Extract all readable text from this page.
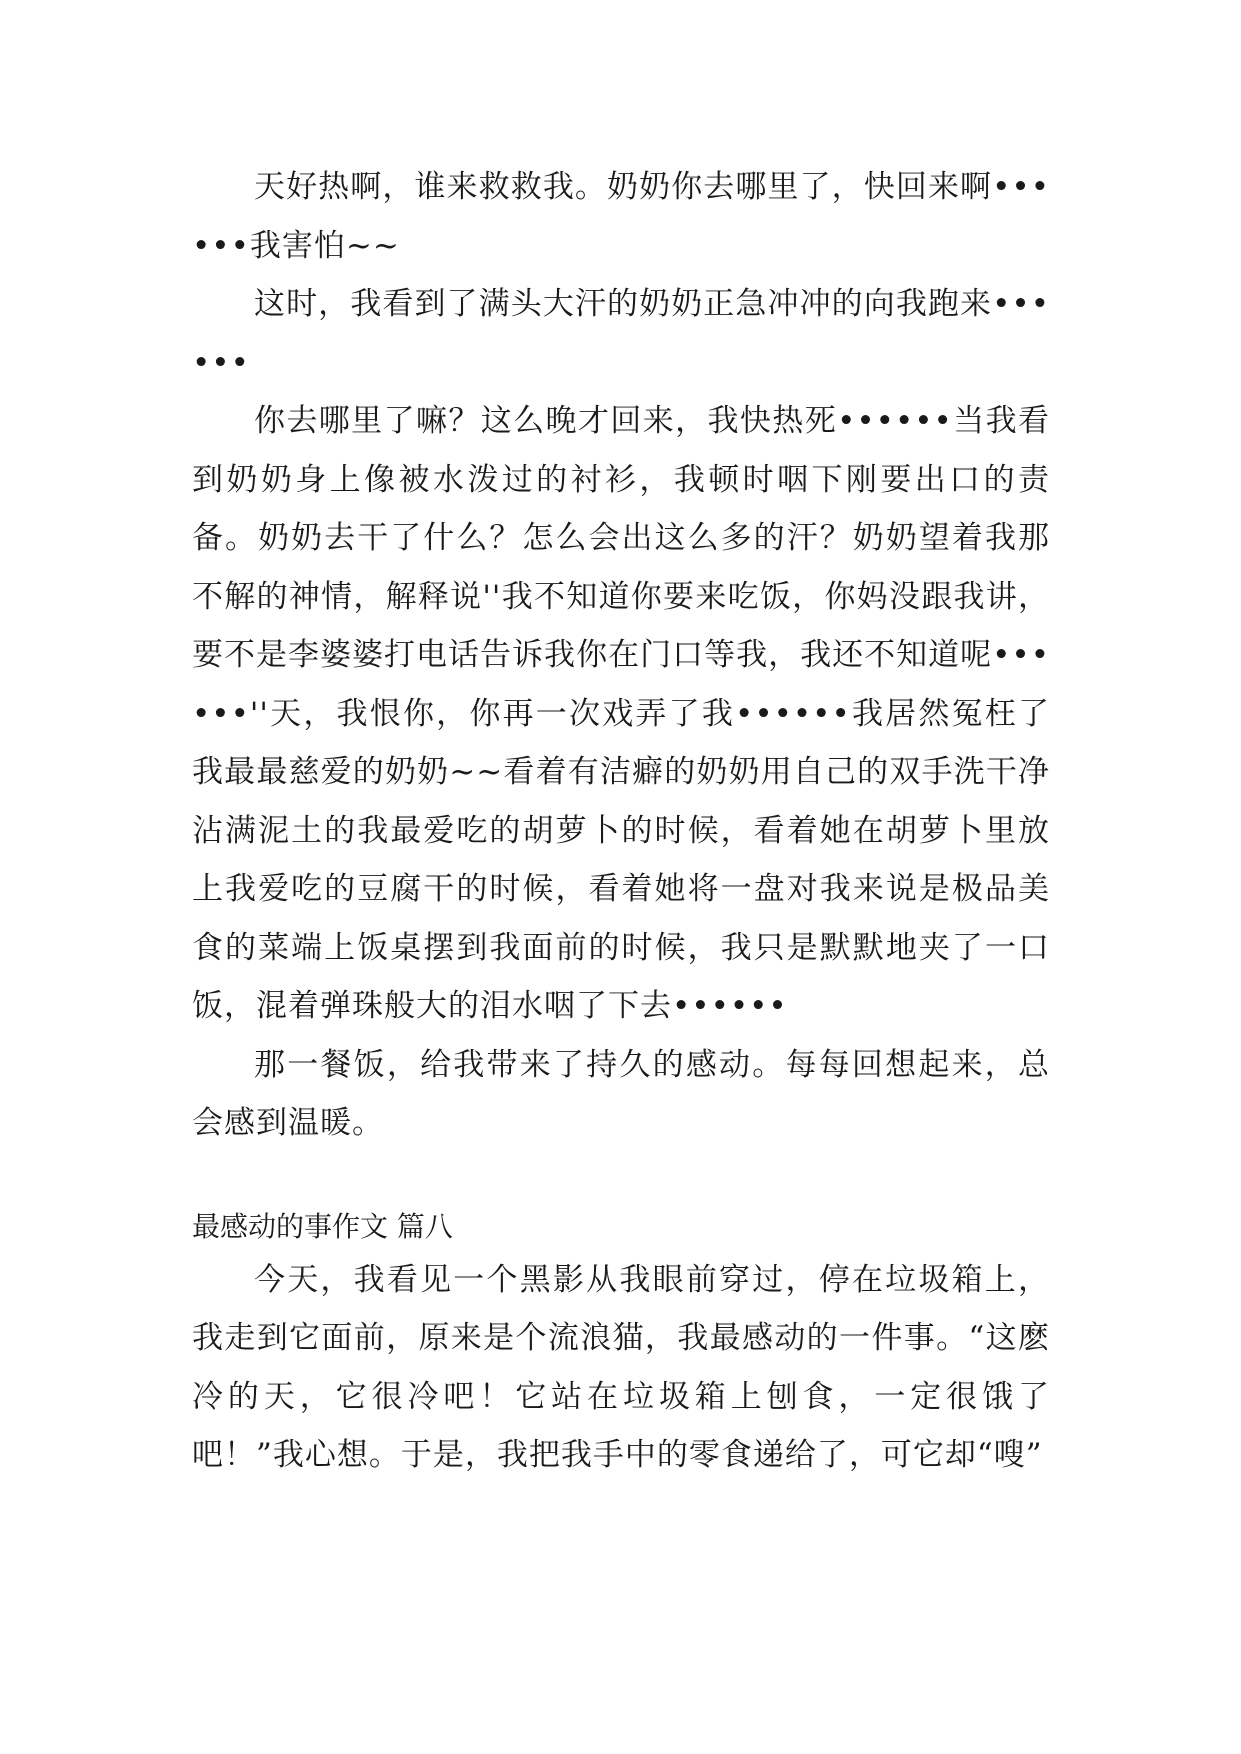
天好热啊，谁来救救我。奶奶你去哪里了，快回来啊••••••我害怕~~

这时，我看到了满头大汗的奶奶正急冲冲的向我跑来••••••

你去哪里了嘛？这么晚才回来，我快热死••••••当我看到奶奶身上像被水泼过的衬衫，我顿时咽下刚要出口的责备。奶奶去干了什么？怎么会出这么多的汗？奶奶望着我那不解的神情，解释说''我不知道你要来吃饭，你妈没跟我讲，要不是李婆婆打电话告诉我你在门口等我，我还不知道呢••••••''天，我恨你，你再一次戏弄了我••••••我居然冤枉了我最最慈爱的奶奶~~看着有洁癖的奶奶用自己的双手洗干净沾满泥土的我最爱吃的胡萝卜的时候，看着她在胡萝卜里放上我爱吃的豆腐干的时候，看着她将一盘对我来说是极品美食的菜端上饭桌摆到我面前的时候，我只是默默地夹了一口饭，混着弹珠般大的泪水咽了下去••••••

那一餐饭，给我带来了持久的感动。每每回想起来，总会感到温暖。

最感动的事作文 篇八

今天，我看见一个黑影从我眼前穿过，停在垃圾箱上，我走到它面前，原来是个流浪猫，我最感动的一件事。“这麽冷的天，它很冷吧！它站在垃圾箱上刨食，一定很饿了吧！”我心想。于是，我把我手中的零食递给了，可它却“嗖”
